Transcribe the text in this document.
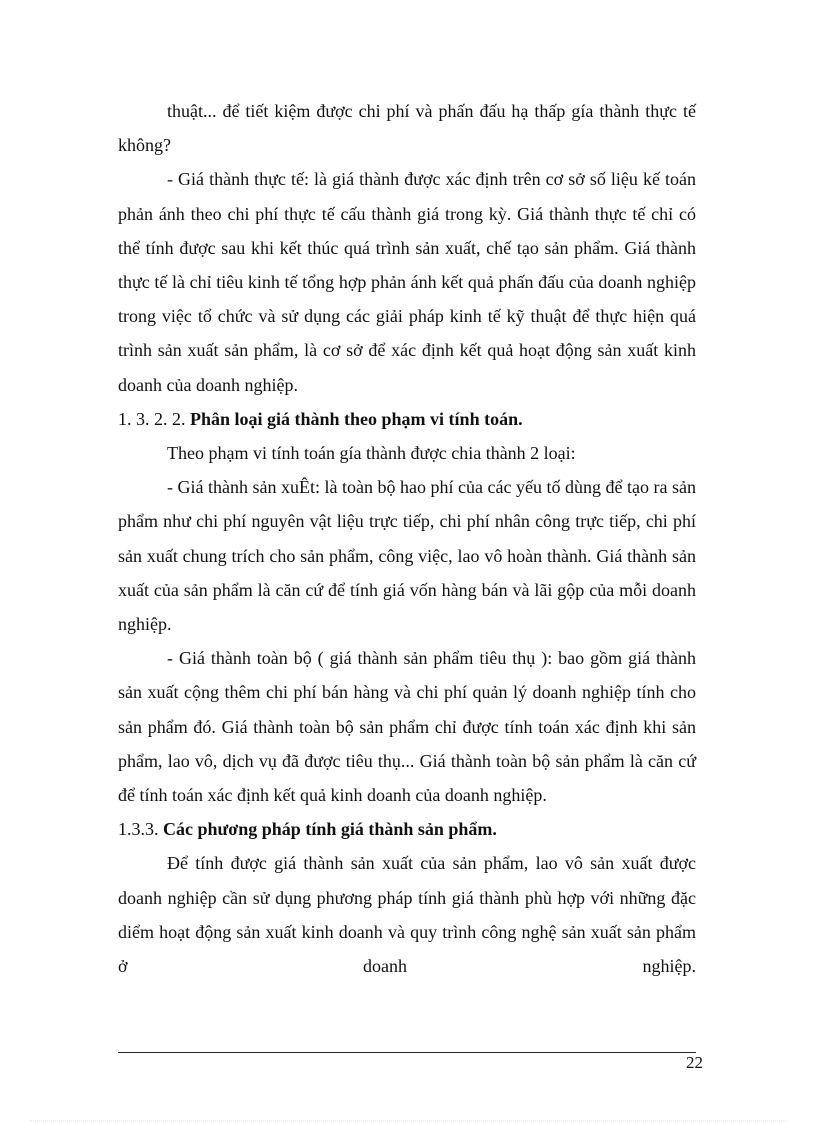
thuật... để tiết kiệm được chi phí và phấn đấu hạ thấp gía thành thực tế không?

- Giá thành thực tế: là giá thành được xác định trên cơ sở số liệu kế toán phản ánh theo chi phí thực tế cấu thành giá trong kỳ. Giá thành thực tế chỉ có thể tính được sau khi kết thúc quá trình sản xuất, chế tạo sản phẩm. Giá thành thực tế là chỉ tiêu kinh tế tổng hợp phản ánh kết quả phấn đấu của doanh nghiệp trong việc tổ chức và sử dụng các giải pháp kinh tế kỹ thuật để thực hiện quá trình sản xuất sản phẩm, là cơ sở để xác định kết quả hoạt động sản xuất kinh doanh của doanh nghiệp.

1. 3. 2. 2. Phân loại giá thành theo phạm vi tính toán.

Theo phạm vi tính toán gía thành được chia thành 2 loại:

- Giá thành sản xuÊt: là toàn bộ hao phí của các yếu tố dùng để tạo ra sản phẩm như chi phí nguyên vật liệu trực tiếp, chi phí nhân công trực tiếp, chi phí sản xuất chung trích cho sản phẩm, công việc, lao vô hoàn thành. Giá thành sản xuất của sản phẩm là căn cứ để tính giá vốn hàng bán và lãi gộp của mỗi doanh nghiệp.

- Giá thành toàn bộ ( giá thành sản phẩm tiêu thụ ): bao gồm giá thành sản xuất cộng thêm chi phí bán hàng và chi phí quản lý doanh nghiệp tính cho sản phẩm đó. Giá thành toàn bộ sản phẩm chỉ được tính toán xác định khi sản phẩm, lao vô, dịch vụ đã được tiêu thụ... Giá thành toàn bộ sản phẩm là căn cứ để tính toán xác định kết quả kinh doanh của doanh nghiệp.

1.3.3. Các phương pháp tính giá thành sản phẩm.

Để tính được giá thành sản xuất của sản phẩm, lao vô sản xuất được doanh nghiệp cần sử dụng phương pháp tính giá thành phù hợp với những đặc diểm hoạt động sản xuất kinh doanh và quy trình công nghệ sản xuất sản phẩm ở doanh nghiệp.

22
